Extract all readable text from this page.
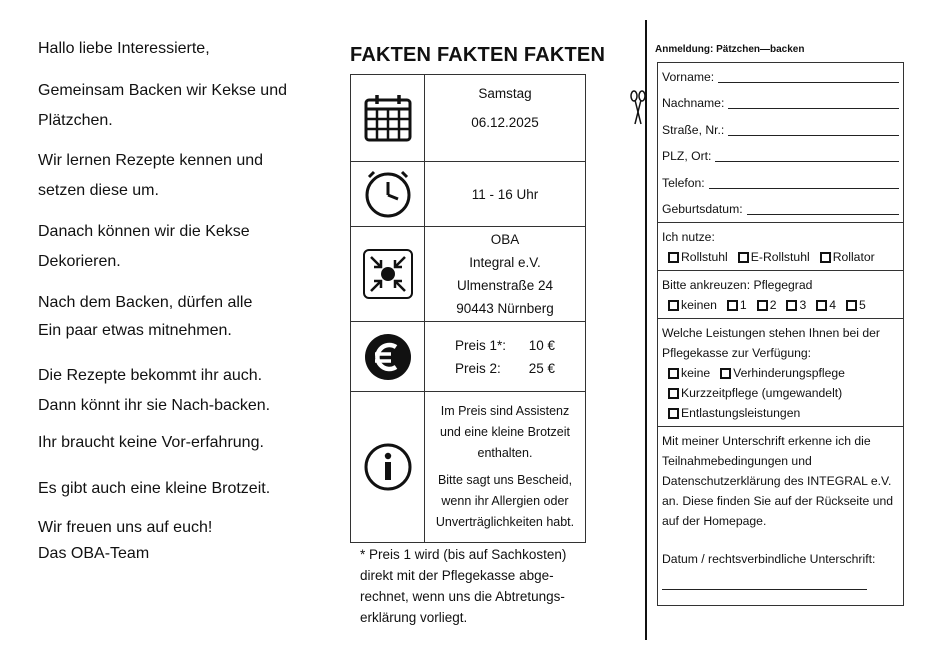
Hallo liebe Interessierte,

Gemeinsam Backen wir Kekse und
Plätzchen.

Wir lernen Rezepte kennen und
setzen diese um.

Danach können wir die Kekse
Dekorieren.

Nach dem Backen, dürfen alle
Ein paar etwas mitnehmen.

Die Rezepte bekommt ihr auch.
Dann könnt ihr sie Nach-backen.

Ihr braucht keine Vor-erfahrung.

Es gibt auch eine kleine Brotzeit.

Wir freuen uns auf euch!
Das OBA-Team

FAKTEN FAKTEN FAKTEN
Samstag
06.12.2025
11 - 16 Uhr
OBA
Integral e.V.
Ulmenstraße 24
90443 Nürnberg
Preis 1*: 10 €
Preis 2: 25 €
Im Preis sind Assistenz
und eine kleine Brotzeit
enthalten.
Bitte sagt uns Bescheid,
wenn ihr Allergien oder
Unverträglichkeiten habt.
* Preis 1 wird (bis auf Sachkosten)
direkt mit der Pflegekasse abge-
rechnet, wenn uns die Abtretungs-
erklärung vorliegt.
Anmeldung: Pätzchen—backen
Vorname:
Nachname:
Straße, Nr.:
PLZ, Ort:
Telefon:
Geburtsdatum:
Ich nutze:
Rollstuhl E-Rollstuhl Rollator
Bitte ankreuzen: Pflegegrad
keinen 1 2 3 4 5
Welche Leistungen stehen Ihnen bei der
Pflegekasse zur Verfügung:
keine Verhinderungspflege
Kurzzeitpflege (umgewandelt)
Entlastungsleistungen
Mit meiner Unterschrift erkenne ich die
Teilnahmebedingungen und
Datenschutzerklärung des INTEGRAL e.V.
an. Diese finden Sie auf der Rückseite und
auf der Homepage.
Datum / rechtsverbindliche Unterschrift:
